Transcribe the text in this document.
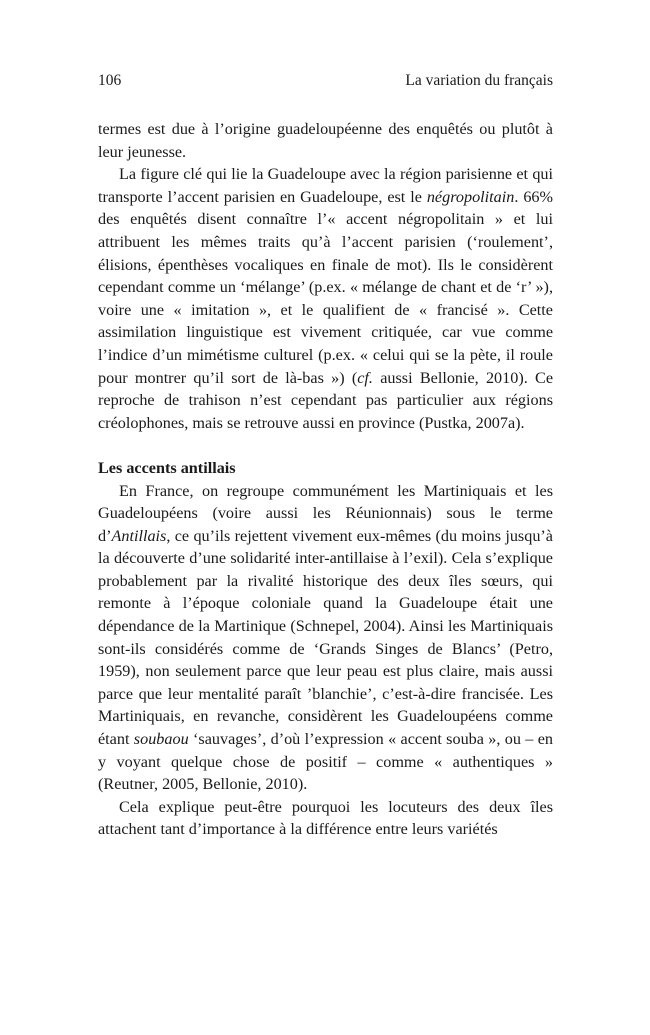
106	La variation du français

termes est due à l’origine guadeloupéenne des enquêtés ou plutôt à leur jeunesse.

La figure clé qui lie la Guadeloupe avec la région parisienne et qui transporte l’accent parisien en Guadeloupe, est le négropolitain. 66% des enquêtés disent connaître l’« accent négropolitain » et lui attribuent les mêmes traits qu’à l’accent parisien (‘roulement’, élisions, épenthèses vocaliques en finale de mot). Ils le considèrent cependant comme un ‘mélange’ (p.ex. « mélange de chant et de ‘r’ »), voire une « imitation », et le qualifient de « francisé ». Cette assimilation linguistique est vivement critiquée, car vue comme l’indice d’un mimétisme culturel (p.ex. « celui qui se la pète, il roule pour montrer qu’il sort de là-bas ») (cf. aussi Bellonie, 2010). Ce reproche de trahison n’est cependant pas particulier aux régions créolophones, mais se retrouve aussi en province (Pustka, 2007a).

Les accents antillais

En France, on regroupe communément les Martiniquais et les Guadeloupéens (voire aussi les Réunionnais) sous le terme d’Antillais, ce qu’ils rejettent vivement eux-mêmes (du moins jusqu’à la découverte d’une solidarité inter-antillaise à l’exil). Cela s’explique probablement par la rivalité historique des deux îles sœurs, qui remonte à l’époque coloniale quand la Guadeloupe était une dépendance de la Martinique (Schnepel, 2004). Ainsi les Martiniquais sont-ils considérés comme de ‘Grands Singes de Blancs’ (Petro, 1959), non seulement parce que leur peau est plus claire, mais aussi parce que leur mentalité paraît ’blanchie’, c’est-à-dire francisée. Les Martiniquais, en revanche, considèrent les Guadeloupéens comme étant soubaou ‘sauvages’, d’où l’expression « accent souba », ou – en y voyant quelque chose de positif – comme « authentiques » (Reutner, 2005, Bellonie, 2010).

Cela explique peut-être pourquoi les locuteurs des deux îles attachent tant d’importance à la différence entre leurs variétés
